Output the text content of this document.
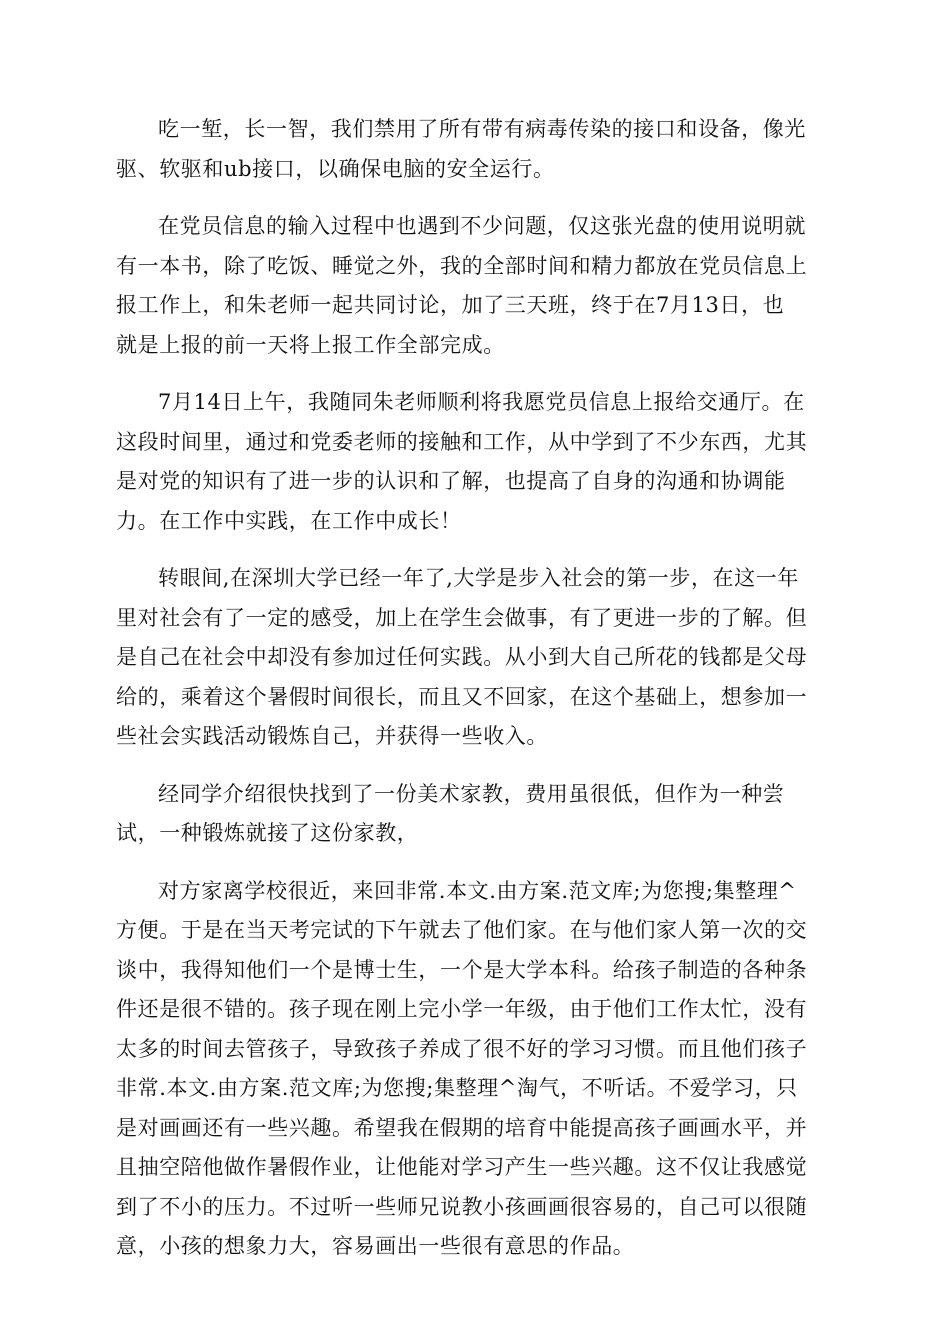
吃一堑，长一智，我们禁用了所有带有病毒传染的接口和设备，像光
驱、软驱和ub接口，以确保电脑的安全运行。

在党员信息的输入过程中也遇到不少问题，仅这张光盘的使用说明就
有一本书，除了吃饭、睡觉之外，我的全部时间和精力都放在党员信息上
报工作上，和朱老师一起共同讨论，加了三天班，终于在7月13日，也
就是上报的前一天将上报工作全部完成。

7月14日上午，我随同朱老师顺利将我愿党员信息上报给交通厅。在
这段时间里，通过和党委老师的接触和工作，从中学到了不少东西，尤其
是对党的知识有了进一步的认识和了解，也提高了自身的沟通和协调能
力。在工作中实践，在工作中成长！

转眼间,在深圳大学已经一年了,大学是步入社会的第一步，在这一年
里对社会有了一定的感受，加上在学生会做事，有了更进一步的了解。但
是自己在社会中却没有参加过任何实践。从小到大自己所花的钱都是父母
给的，乘着这个暑假时间很长，而且又不回家，在这个基础上，想参加一
些社会实践活动锻炼自己，并获得一些收入。

经同学介绍很快找到了一份美术家教，费用虽很低，但作为一种尝
试，一种锻炼就接了这份家教，

对方家离学校很近，来回非常.本文.由方案.范文库;为您搜;集整理^
方便。于是在当天考完试的下午就去了他们家。在与他们家人第一次的交
谈中，我得知他们一个是博士生，一个是大学本科。给孩子制造的各种条
件还是很不错的。孩子现在刚上完小学一年级，由于他们工作太忙，没有
太多的时间去管孩子，导致孩子养成了很不好的学习习惯。而且他们孩子
非常.本文.由方案.范文库;为您搜;集整理^淘气，不听话。不爱学习，只
是对画画还有一些兴趣。希望我在假期的培育中能提高孩子画画水平，并
且抽空陪他做作暑假作业，让他能对学习产生一些兴趣。这不仅让我感觉
到了不小的压力。不过听一些师兄说教小孩画画很容易的，自己可以很随
意，小孩的想象力大，容易画出一些很有意思的作品。
